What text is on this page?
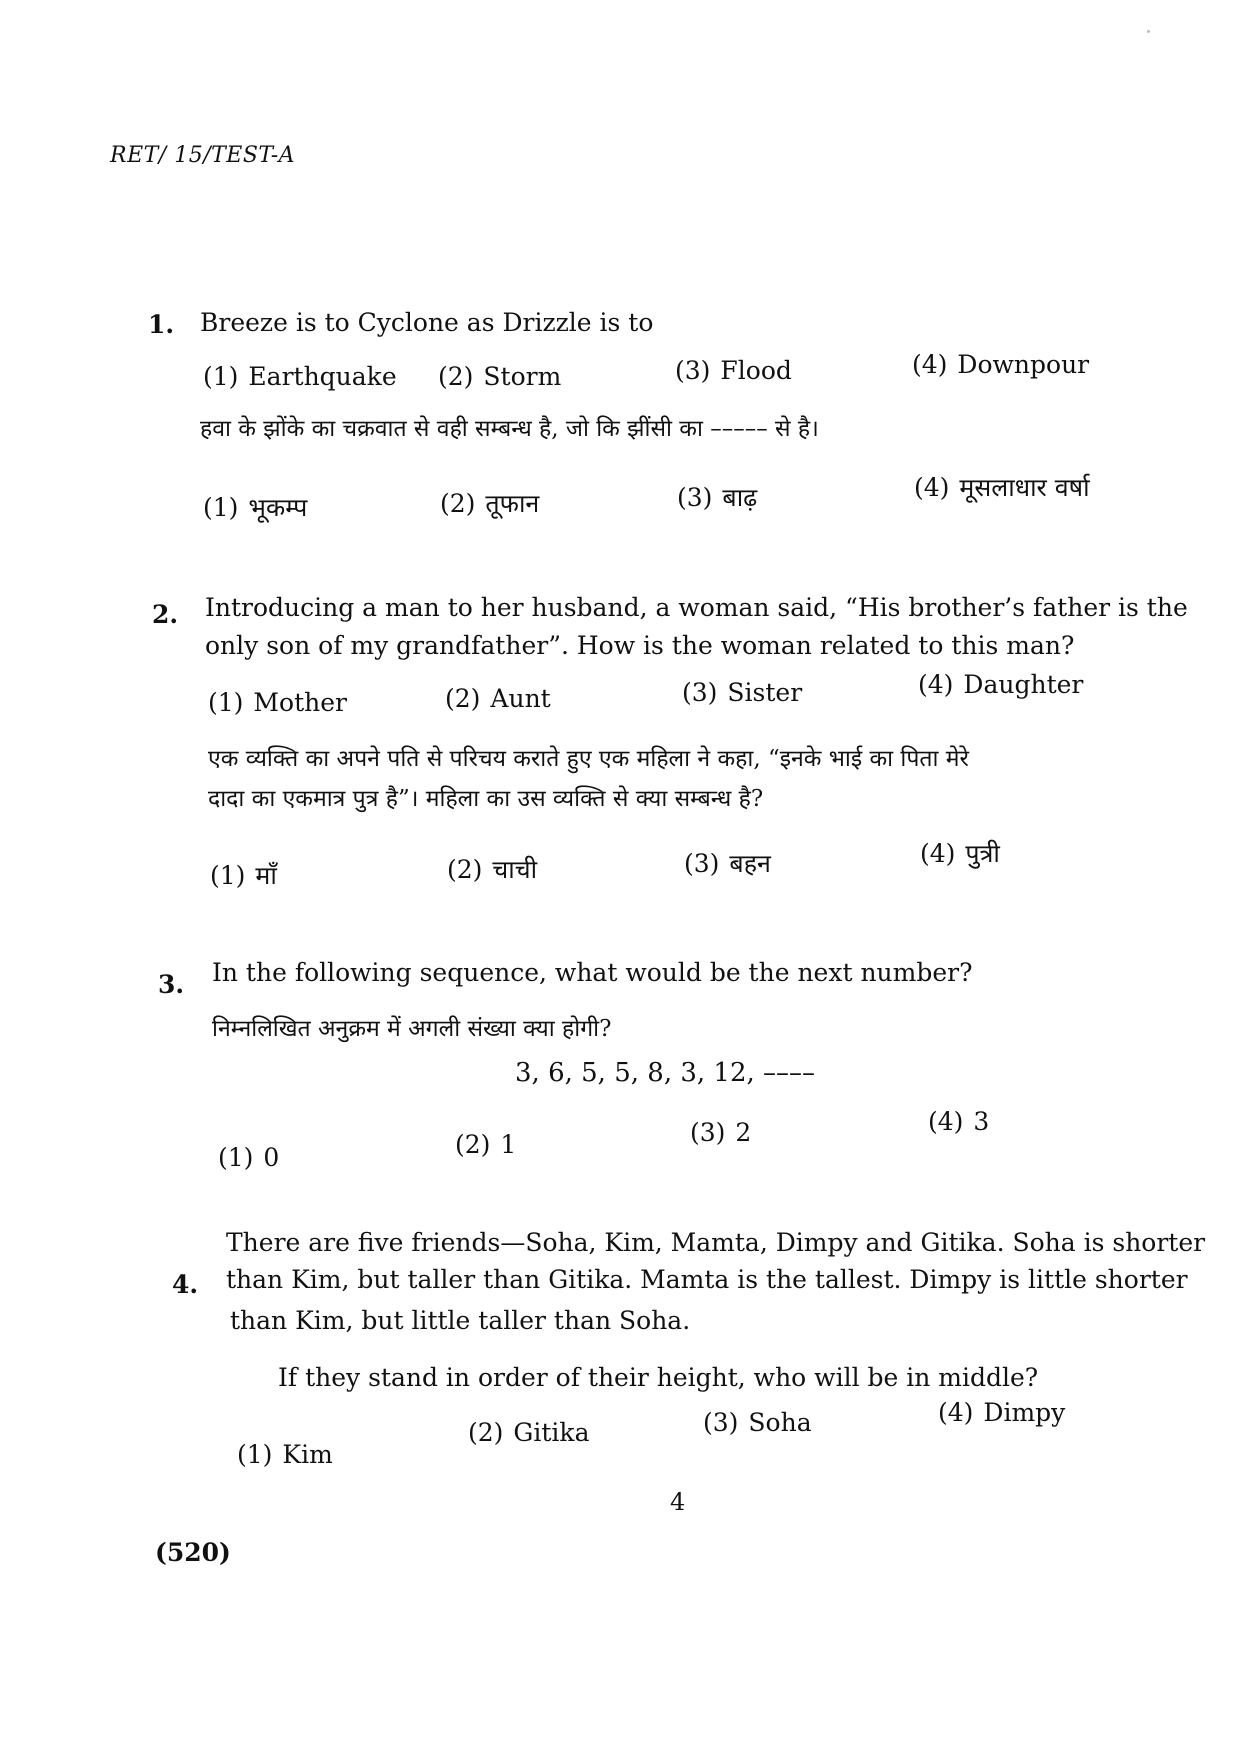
RET/ 15/TEST-A
1. Breeze is to Cyclone as Drizzle is to
(1) Earthquake (2) Storm	(3) Flood	(4) Downpour
हवा के झोंके का चक्रवात से वही सम्बन्ध है, जो कि झींसी का ––––– से है।
(1) भूकम्प	(2) तूफान	(3) बाढ़	(4) मूसलाधार वर्षा
2. Introducing a man to her husband, a woman said, “His brother’s father is the
only son of my grandfather”. How is the woman related to this man?
(1) Mother	(2) Aunt	(3) Sister	(4) Daughter
एक व्यक्ति का अपने पति से परिचय कराते हुए एक महिला ने कहा, “इनके भाई का पिता मेरे
दादा का एकमात्र पुत्र है”। महिला का उस व्यक्ति से क्या सम्बन्ध है?
(1) माँ	(2) चाची	(3) बहन	(4) पुत्री
3. In the following sequence, what would be the next number?
निम्नलिखित अनुक्रम में अगली संख्या क्या होगी?
3, 6, 5, 5, 8, 3, 12, ––––
(1) 0	(2) 1	(3) 2	(4) 3
4.
There are five friends—Soha, Kim, Mamta, Dimpy and Gitika. Soha is shorter
than Kim, but taller than Gitika. Mamta is the tallest. Dimpy is little shorter
than Kim, but little taller than Soha.
If they stand in order of their height, who will be in middle?
(1) Kim
(2) Gitika	(3) Soha	(4) Dimpy
4
(520)
